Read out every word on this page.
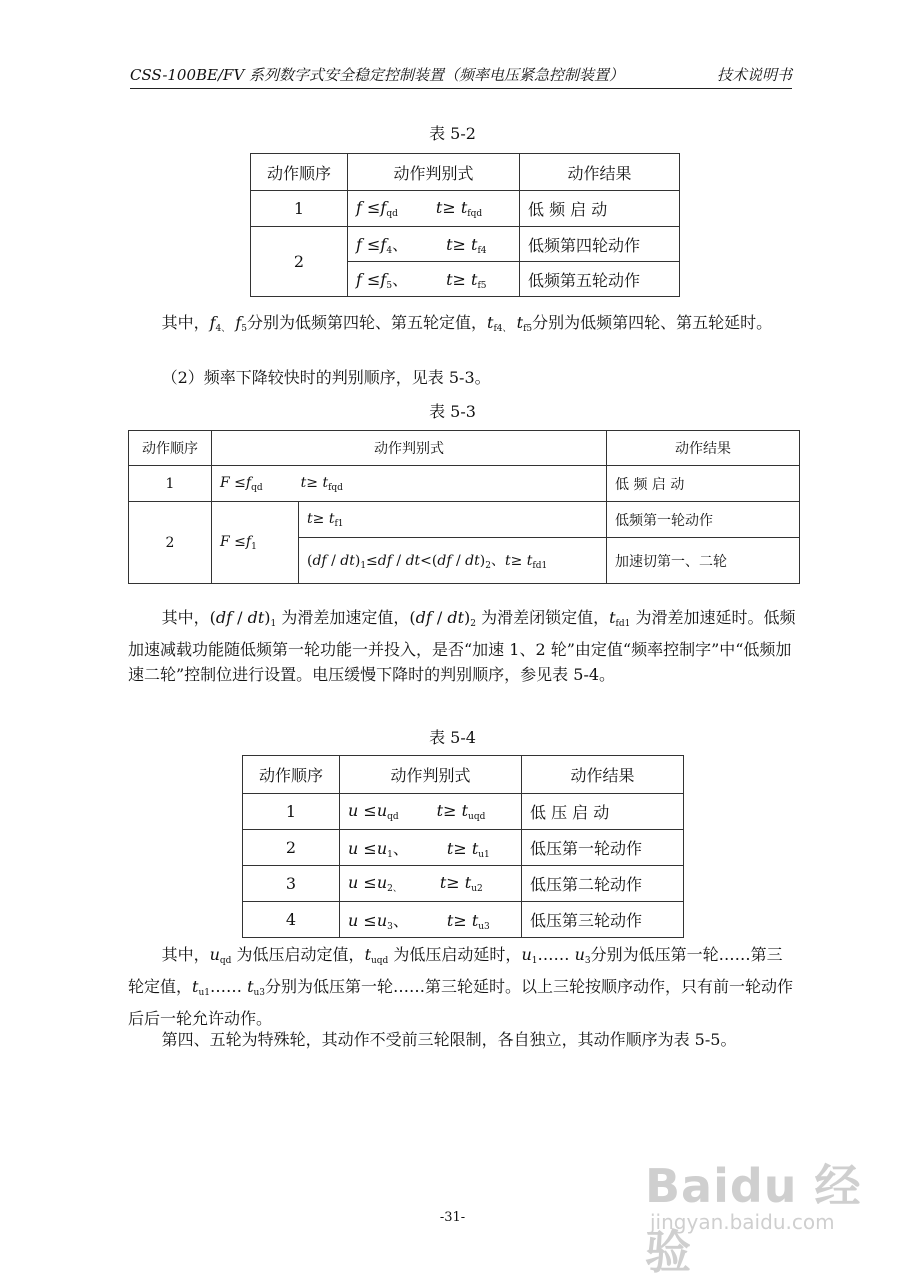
CSS-100BE/FV 系列数字式安全稳定控制装置（频率电压紧急控制装置）	技术说明书
表 5-2
动作顺序	动作判别式	动作结果
1	$f \le f_{qd}$ $t\ge t_{fqd}$	低 频 启 动
2	$f \le f_4$、 $t\ge t_{f4}$	低频第四轮动作
	$f \le f_5$、 $t\ge t_{f5}$	低频第五轮动作
其中，$f_{4、}$ $f_5$分别为低频第四轮、第五轮定值，$t_{f4、}$ $t_{f5}$分别为低频第四轮、第五轮延时。
（2）频率下降较快时的判别顺序，见表 5-3。
表 5-3
动作顺序	动作判别式		动作结果
1	$F \le f_{qd}$ $t\ge t_{fqd}$		低 频 启 动
2	$F \le f_1$	$t\ge t_{f1}$	低频第一轮动作
		$(df / dt)_1\le df / dt<(df / dt)_2$、$t\ge t_{fd1}$	加速切第一、二轮
其中，$(df / dt)_1$ 为滑差加速定值，$(df / dt)_2$ 为滑差闭锁定值，$t_{fd1}$ 为滑差加速延时。低频加速减载功能随低频第一轮功能一并投入，是否“加速 1、2 轮”由定值“频率控制字”中“低频加速二轮”控制位进行设置。电压缓慢下降时的判别顺序，参见表 5-4。
表 5-4
动作顺序	动作判别式	动作结果
1	$u \le u_{qd}$ $t\ge t_{uqd}$	低 压 启 动
2	$u \le u_1$、 $t\ge t_{u1}$	低压第一轮动作
3	$u \le u_{2、}$ $t\ge t_{u2}$	低压第二轮动作
4	$u \le u_3$、 $t\ge t_{u3}$	低压第三轮动作
其中，$u_{qd}$ 为低压启动定值，$t_{uqd}$ 为低压启动延时，$u_1\dots\dots$ $u_3$分别为低压第一轮……第三轮定值，$t_{u1}\dots\dots$ $t_{u3}$分别为低压第一轮……第三轮延时。以上三轮按顺序动作，只有前一轮动作后后一轮允许动作。
第四、五轮为特殊轮，其动作不受前三轮限制，各自独立，其动作顺序为表 5-5。
Baidu 经验
jingyan.baidu.com
-31-
